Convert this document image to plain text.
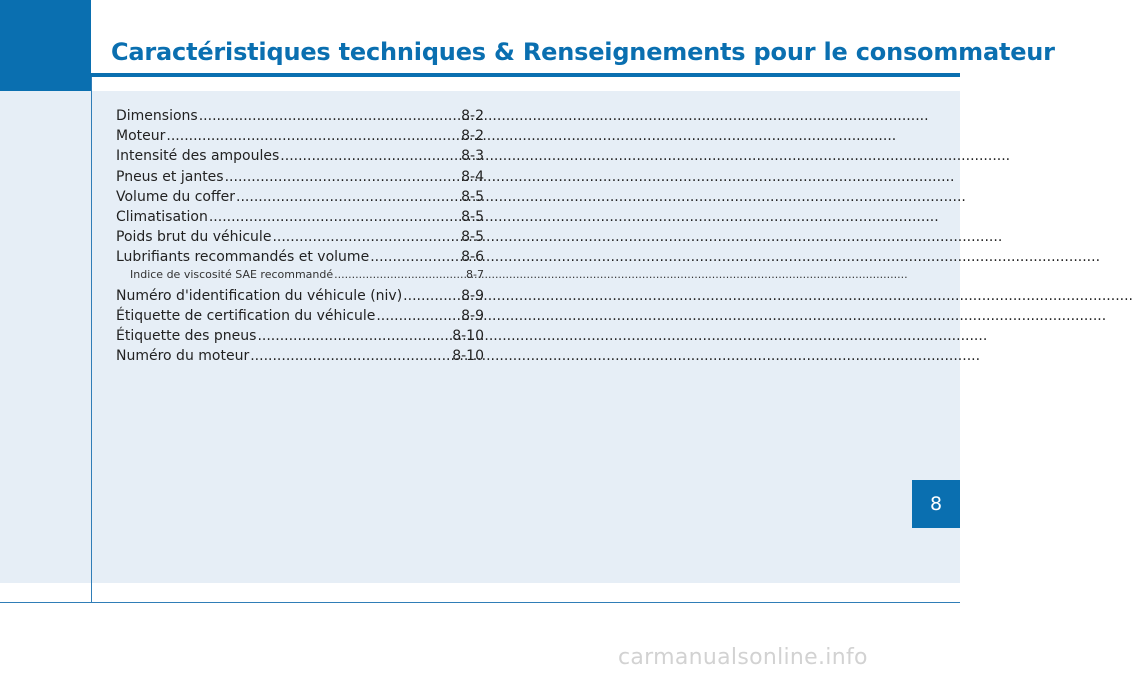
Caractéristiques techniques & Renseignements pour le consommateur
Dimensions .....	8-2
Moteur .....	8-2
Intensité des ampoules .....	8-3
Pneus et jantes .....	8-4
Volume du coffer .....	8-5
Climatisation .....	8-5
Poids brut du véhicule .....	8-5
Lubrifiants recommandés et volume .....	8-6
Indice de viscosité SAE recommandé .....	8-7
Numéro d'identification du véhicule (niv) .....	8-9
Étiquette de certification du véhicule .....	8-9
Étiquette des pneus .....	8-10
Numéro du moteur .....	8-10
8
carmanualsonline.info
